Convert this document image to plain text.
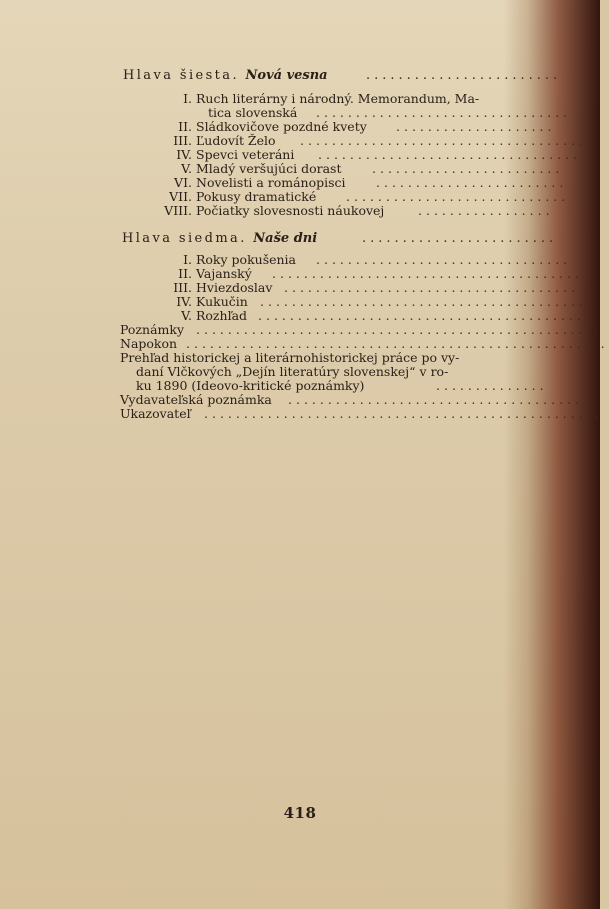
Hlava šiesta. Nová vesna	........................
I. Ruch literárny i národný. Memorandum, Ma-
tica slovenská ................................
II. Sládkovičove pozdné kvety ....................
III. Ľudovít Želo ....................................
IV. Spevci veteráni .................................
V. Mladý veršujúci dorast ........................
VI. Novelisti a románopisci ........................
VII. Pokusy dramatické ............................
VIII. Počiatky slovesnosti náukovej	.................
Hlava siedma. Naše dni	........................
I. Roky pokušenia ................................
II. Vajanský .......................................
III. Hviezdoslav .....................................
IV. Kukučin .........................................
V. Rozhľad .........................................
Poznámky ...................................................
Napokon .....................................................
Prehľad historickej a literárnohistorickej práce po vy-
daní Vlčkových „Dejín literatúry slovenskej“ v ro-
ku 1890 (Ideovo-kritické poznámky)	..............
Vydavateľská poznámka .....................................
Ukazovateľ ..................................................
418
